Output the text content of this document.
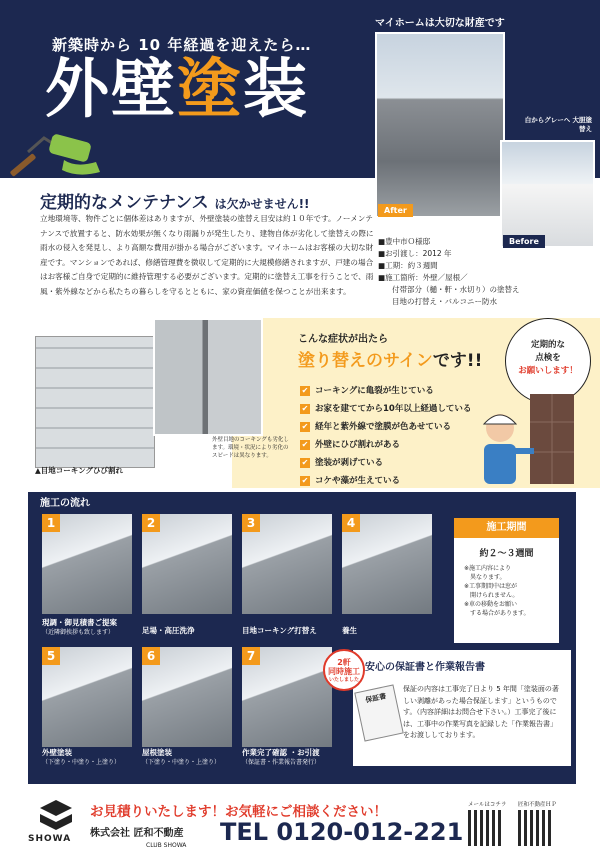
新築時から 10 年経過を迎えたら…
外壁塗装
マイホームは大切な財産です
After
白からグレーへ 大胆塗替え
Before
定期的なメンテナンス は欠かせません!!
立地環境等、物件ごとに個体差はありますが、外壁塗装の塗替え目安は約１０年です。ノーメンテナンスで放置すると、防水効果が無くなり雨漏りが発生したり、建物自体が劣化して塗替えの際に雨水の侵入を発見し、より高額な費用が掛かる場合がございます。マイホームはお客様の大切な財産です。マンションであれば、修繕管理費を徴収して定期的に大規模修繕されますが、戸建の場合はお客様ご自身で定期的に維持管理する必要がございます。定期的に塗替え工事を行うことで、雨風・紫外線などから私たちの暮らしを守るとともに、家の資産価値を保つことが出来ます。
■豊中市Ｏ様邸
■お引渡し：2012 年
■工期：約３週間
■施工箇所：外壁／屋根／
付帯部分（樋・軒・水切り）の塗替え
目地の打替え・バルコニー防水
▲目地コーキングひび割れ
外壁目地のコーキングも劣化します。環境・状況により劣化のスピードは異なります。
こんな症状が出たら
塗り替えのサインです!!
✔ コーキングに亀裂が生じている
✔ お家を建ててから10年以上経過している
✔ 経年と紫外線で塗膜が色あせている
✔ 外壁にひび割れがある
✔ 塗装が剥げている
✔ コケや藻が生えている
定期的な
点検を
お願いします！
施工の流れ
1
現調・御見積書ご提案
（近隣御挨拶も致します）
2
足場・高圧洗浄
3
目地コーキング打替え
4
養生
5
外壁塗装
（下塗り・中塗り・上塗り）
6
屋根塗装
（下塗り・中塗り・上塗り）
7
作業完了確認 ・お引渡
（保証書・作業報告書発行）
施工期間
約２〜３週間
※施工内容により
　異なります。
※工事期間中は窓が
　開けられません。
※車の移動をお願い
　する場合があります。
安心の保証書と作業報告書
保証書
保証の内容は工事完了日より 5 年間「塗装面の著しい剥離があった場合保証します」というものです。（内容詳細はお問合せ下さい。）工事完了後には、工事中の作業写真を記録した「作業報告書」をお渡ししております。
2軒
同時施工
いたしました
SHOWA
お見積りいたします！お気軽にご相談ください！
株式会社 匠和不動産
CLUB SHOWA TEL 0120-012-221
メールはコチラ 匠和不動産ＨＰ
